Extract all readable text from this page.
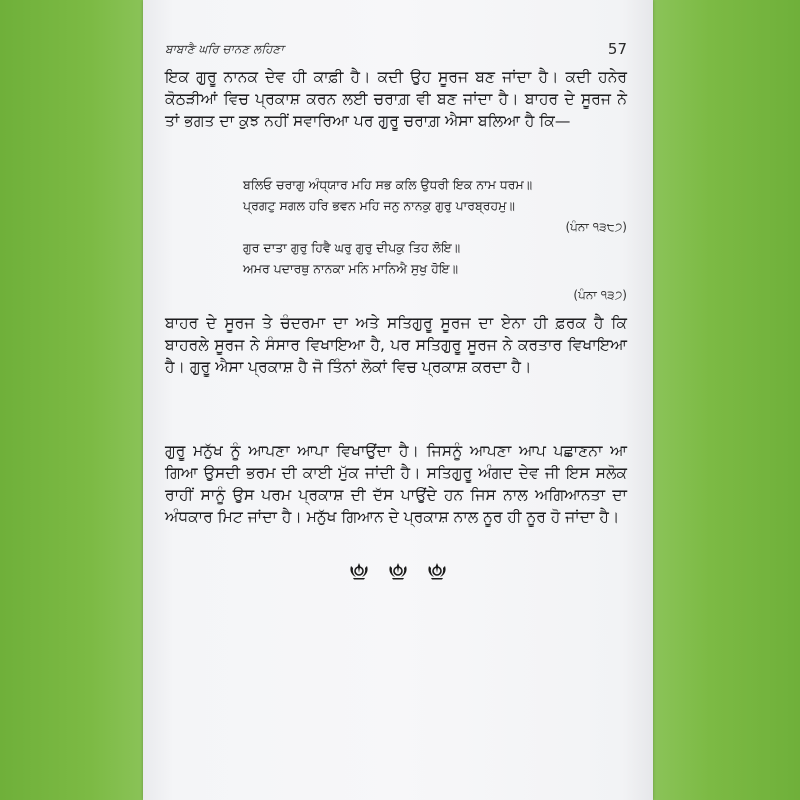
ਬਾਬਾਣੈ ਘਰਿ ਚਾਨਣ ਲਹਿਣਾ	57

ਇਕ ਗੁਰੂ ਨਾਨਕ ਦੇਵ ਹੀ ਕਾਫ਼ੀ ਹੈ। ਕਦੀ ਉਹ ਸੂਰਜ ਬਣ ਜਾਂਦਾ ਹੈ। ਕਦੀ ਹਨੇਰ ਕੋਠੜੀਆਂ ਵਿਚ ਪ੍ਰਕਾਸ਼ ਕਰਨ ਲਈ ਚਰਾਗ਼ ਵੀ ਬਣ ਜਾਂਦਾ ਹੈ। ਬਾਹਰ ਦੇ ਸੂਰਜ ਨੇ ਤਾਂ ਭਗਤ ਦਾ ਕੁਝ ਨਹੀਂ ਸਵਾਰਿਆ ਪਰ ਗੁਰੂ ਚਰਾਗ਼ ਐਸਾ ਬਲਿਆ ਹੈ ਕਿ—

ਬਲਿਓ ਚਰਾਗੁ ਅੰਧ੍ਯਾਰ ਮਹਿ ਸਭ ਕਲਿ ਉਧਰੀ ਇਕ ਨਾਮ ਧਰਮ॥
ਪ੍ਰਗਟੁ ਸਗਲ ਹਰਿ ਭਵਨ ਮਹਿ ਜਨੁ ਨਾਨਕੁ ਗੁਰੁ ਪਾਰਬ੍ਰਹਮੁ॥
(ਪੰਨਾ ੧੩੮੭)
ਗੁਰ ਦਾਤਾ ਗੁਰੁ ਹਿਵੈ ਘਰੁ ਗੁਰੁ ਦੀਪਕੁ ਤਿਹ ਲੋਇ॥
ਅਮਰ ਪਦਾਰਥੁ ਨਾਨਕਾ ਮਨਿ ਮਾਨਿਐ ਸੁਖੁ ਹੋਇ॥
(ਪੰਨਾ ੧੩੭)

ਬਾਹਰ ਦੇ ਸੂਰਜ ਤੇ ਚੰਦਰਮਾ ਦਾ ਅਤੇ ਸਤਿਗੁਰੂ ਸੂਰਜ ਦਾ ਏਨਾ ਹੀ ਫ਼ਰਕ ਹੈ ਕਿ ਬਾਹਰਲੇ ਸੂਰਜ ਨੇ ਸੰਸਾਰ ਵਿਖਾਇਆ ਹੈ, ਪਰ ਸਤਿਗੁਰੂ ਸੂਰਜ ਨੇ ਕਰਤਾਰ ਵਿਖਾਇਆ ਹੈ। ਗੁਰੂ ਐਸਾ ਪ੍ਰਕਾਸ਼ ਹੈ ਜੋ ਤਿੰਨਾਂ ਲੋਕਾਂ ਵਿਚ ਪ੍ਰਕਾਸ਼ ਕਰਦਾ ਹੈ।

ਗੁਰੂ ਮਨੁੱਖ ਨੂੰ ਆਪਣਾ ਆਪਾ ਵਿਖਾਉਂਦਾ ਹੈ। ਜਿਸਨੂੰ ਆਪਣਾ ਆਪ ਪਛਾਣਨਾ ਆ ਗਿਆ ਉਸਦੀ ਭਰਮ ਦੀ ਕਾਈ ਮੁੱਕ ਜਾਂਦੀ ਹੈ। ਸਤਿਗੁਰੂ ਅੰਗਦ ਦੇਵ ਜੀ ਇਸ ਸਲੋਕ ਰਾਹੀਂ ਸਾਨੂੰ ਉਸ ਪਰਮ ਪ੍ਰਕਾਸ਼ ਦੀ ਦੱਸ ਪਾਉਂਦੇ ਹਨ ਜਿਸ ਨਾਲ ਅਗਿਆਨਤਾ ਦਾ ਅੰਧਕਾਰ ਮਿਟ ਜਾਂਦਾ ਹੈ। ਮਨੁੱਖ ਗਿਆਨ ਦੇ ਪ੍ਰਕਾਸ਼ ਨਾਲ ਨੂਰ ਹੀ ਨੂਰ ਹੋ ਜਾਂਦਾ ਹੈ।
